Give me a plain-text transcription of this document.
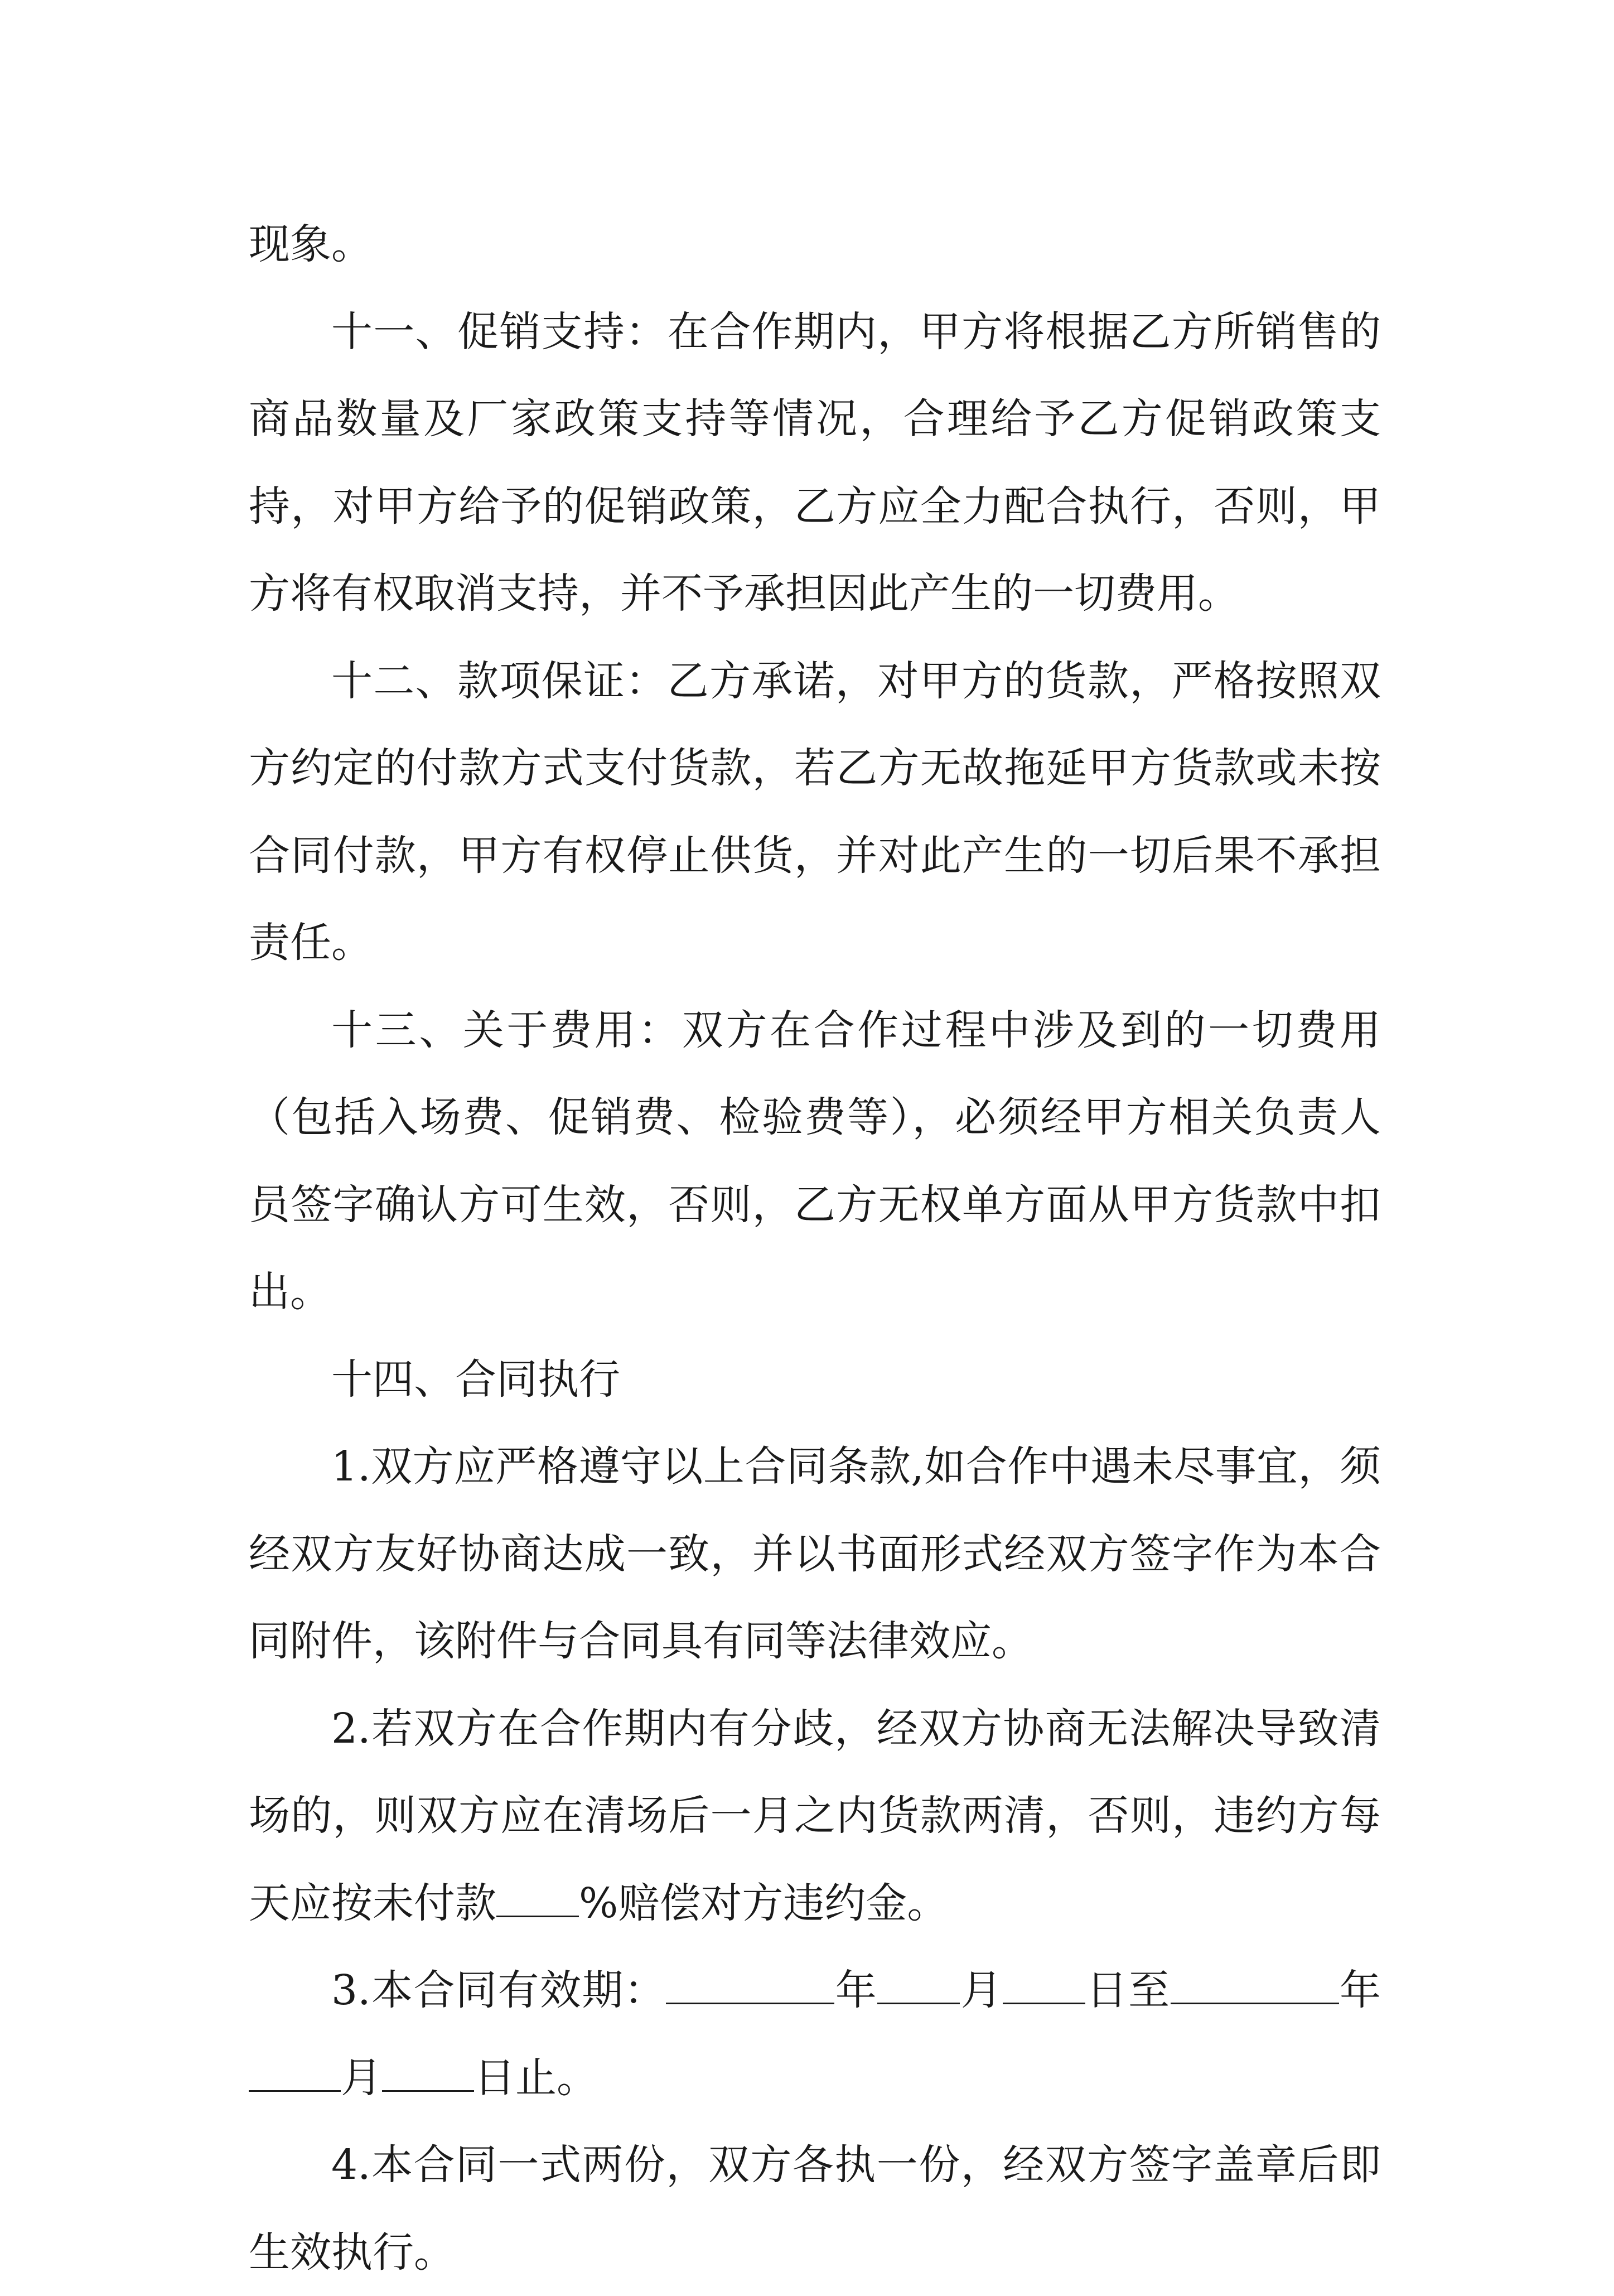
现象。

十一、促销支持：在合作期内，甲方将根据乙方所销售的商品数量及厂家政策支持等情况，合理给予乙方促销政策支持，对甲方给予的促销政策，乙方应全力配合执行，否则，甲方将有权取消支持，并不予承担因此产生的一切费用。

十二、款项保证：乙方承诺，对甲方的货款，严格按照双方约定的付款方式支付货款，若乙方无故拖延甲方货款或未按合同付款，甲方有权停止供货，并对此产生的一切后果不承担责任。

十三、关于费用：双方在合作过程中涉及到的一切费用（包括入场费、促销费、检验费等），必须经甲方相关负责人员签字确认方可生效，否则，乙方无权单方面从甲方货款中扣出。

十四、合同执行

1.双方应严格遵守以上合同条款,如合作中遇未尽事宜，须经双方友好协商达成一致，并以书面形式经双方签字作为本合同附件，该附件与合同具有同等法律效应。

2.若双方在合作期内有分歧，经双方协商无法解决导致清场的，则双方应在清场后一月之内货款两清，否则，违约方每天应按未付款 %赔偿对方违约金。

3.本合同有效期：	年 月 日至	年月 日止。

4.本合同一式两份，双方各执一份，经双方签字盖章后即生效执行。
